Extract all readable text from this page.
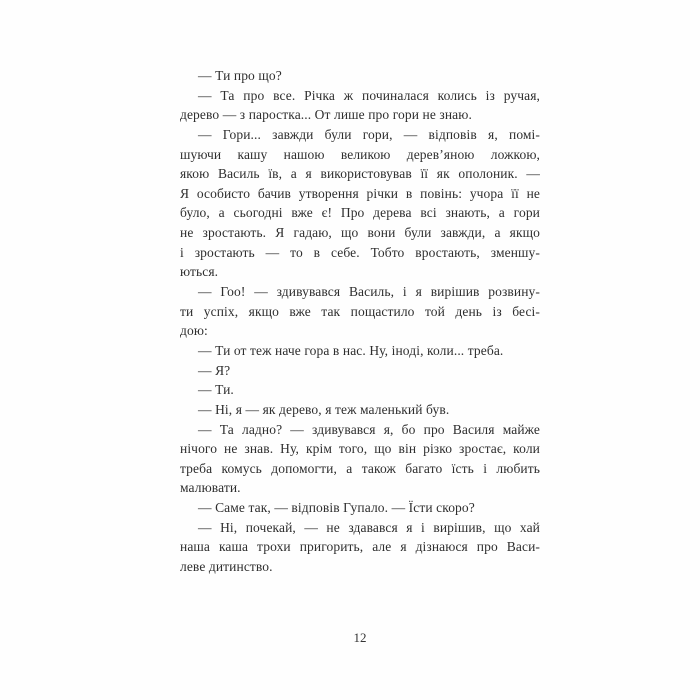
— Ти про що?
— Та про все. Річка ж починалася колись із ручая,
дерево — з паростка... От лише про гори не знаю.
— Гори... завжди були гори, — відповів я, помі-
шуючи кашу нашою великою дерев’яною ложкою,
якою Василь їв, а я використовував її як ополоник. —
Я особисто бачив утворення річки в повінь: учора її не
було, а сьогодні вже є! Про дерева всі знають, а гори
не зростають. Я гадаю, що вони були завжди, а якщо
і зростають — то в себе. Тобто вростають, зменшу-
ються.
— Гоо! — здивувався Василь, і я вирішив розвину-
ти успіх, якщо вже так пощастило той день із бесі-
дою:
— Ти от теж наче гора в нас. Ну, іноді, коли... треба.
— Я?
— Ти.
— Ні, я — як дерево, я теж маленький був.
— Та ладно? — здивувався я, бо про Василя майже
нічого не знав. Ну, крім того, що він різко зростає, коли
треба комусь допомогти, а також багато їсть і любить
малювати.
— Саме так, — відповів Гупало. — Їсти скоро?
— Ні, почекай, — не здавався я і вирішив, що хай
наша каша трохи пригорить, але я дізнаюся про Васи-
леве дитинство.
12
